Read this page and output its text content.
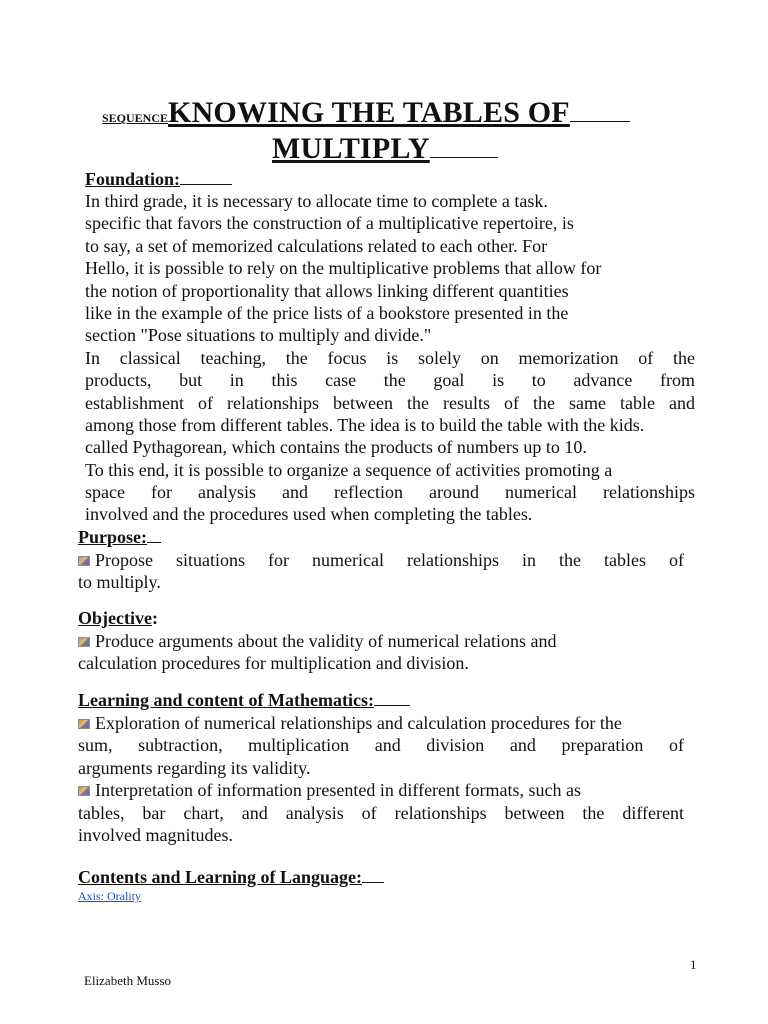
SEQUENCEKNOWING THE TABLES OF
MULTIPLY
Foundation:
In third grade, it is necessary to allocate time to complete a task.
specific that favors the construction of a multiplicative repertoire, is
to say, a set of memorized calculations related to each other. For
Hello, it is possible to rely on the multiplicative problems that allow for
the notion of proportionality that allows linking different quantities
like in the example of the price lists of a bookstore presented in the
section "Pose situations to multiply and divide."
In classical teaching, the focus is solely on memorization of the
products, but in this case the goal is to advance from
establishment of relationships between the results of the same table and
among those from different tables. The idea is to build the table with the kids.
called Pythagorean, which contains the products of numbers up to 10.
To this end, it is possible to organize a sequence of activities promoting a
space for analysis and reflection around numerical relationships
involved and the procedures used when completing the tables.
Purpose:
Propose situations for numerical relationships in the tables of
to multiply.
Objective:
Produce arguments about the validity of numerical relations and
calculation procedures for multiplication and division.
Learning and content of Mathematics:
Exploration of numerical relationships and calculation procedures for the
sum, subtraction, multiplication and division and preparation of
arguments regarding its validity.
Interpretation of information presented in different formats, such as
tables, bar chart, and analysis of relationships between the different
involved magnitudes.
Contents and Learning of Language:
Axis: Orality
1
Elizabeth Musso
